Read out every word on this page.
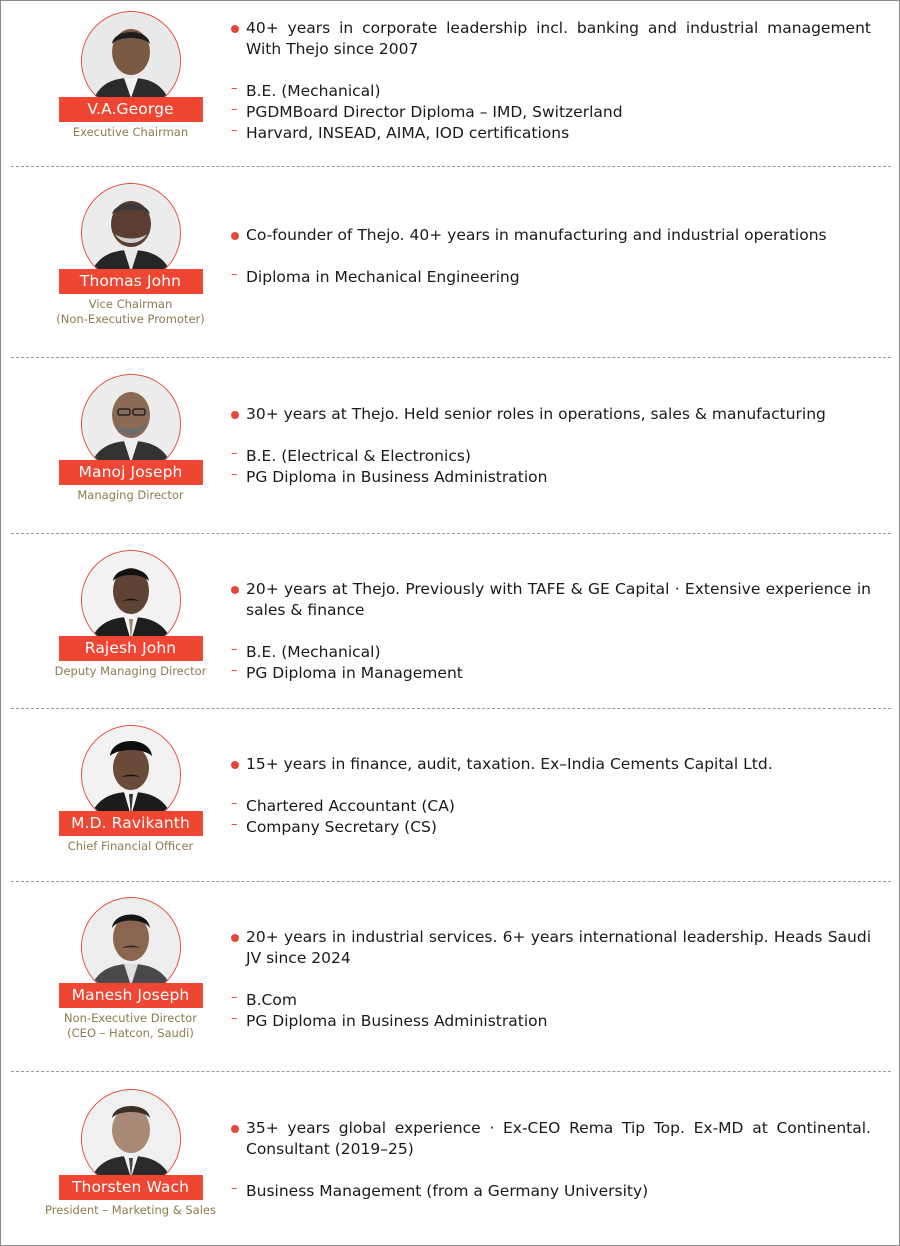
V.A.George
Executive Chairman
40+ years in corporate leadership incl. banking and industrial management With Thejo since 2007
– B.E. (Mechanical)
– PGDMBoard Director Diploma – IMD, Switzerland
– Harvard, INSEAD, AIMA, IOD certifications
Thomas John
Vice Chairman
(Non-Executive Promoter)
Co-founder of Thejo. 40+ years in manufacturing and industrial operations
– Diploma in Mechanical Engineering
Manoj Joseph
Managing Director
30+ years at Thejo. Held senior roles in operations, sales & manufacturing
– B.E. (Electrical & Electronics)
– PG Diploma in Business Administration
Rajesh John
Deputy Managing Director
20+ years at Thejo. Previously with TAFE & GE Capital · Extensive experience in sales & finance
– B.E. (Mechanical)
– PG Diploma in Management
M.D. Ravikanth
Chief Financial Officer
15+ years in finance, audit, taxation. Ex–India Cements Capital Ltd.
– Chartered Accountant (CA)
– Company Secretary (CS)
Manesh Joseph
Non-Executive Director
(CEO – Hatcon, Saudi)
20+ years in industrial services. 6+ years international leadership. Heads Saudi JV since 2024
– B.Com
– PG Diploma in Business Administration
Thorsten Wach
President – Marketing & Sales
35+ years global experience · Ex-CEO Rema Tip Top. Ex-MD at Continental. Consultant (2019–25)
– Business Management (from a Germany University)
